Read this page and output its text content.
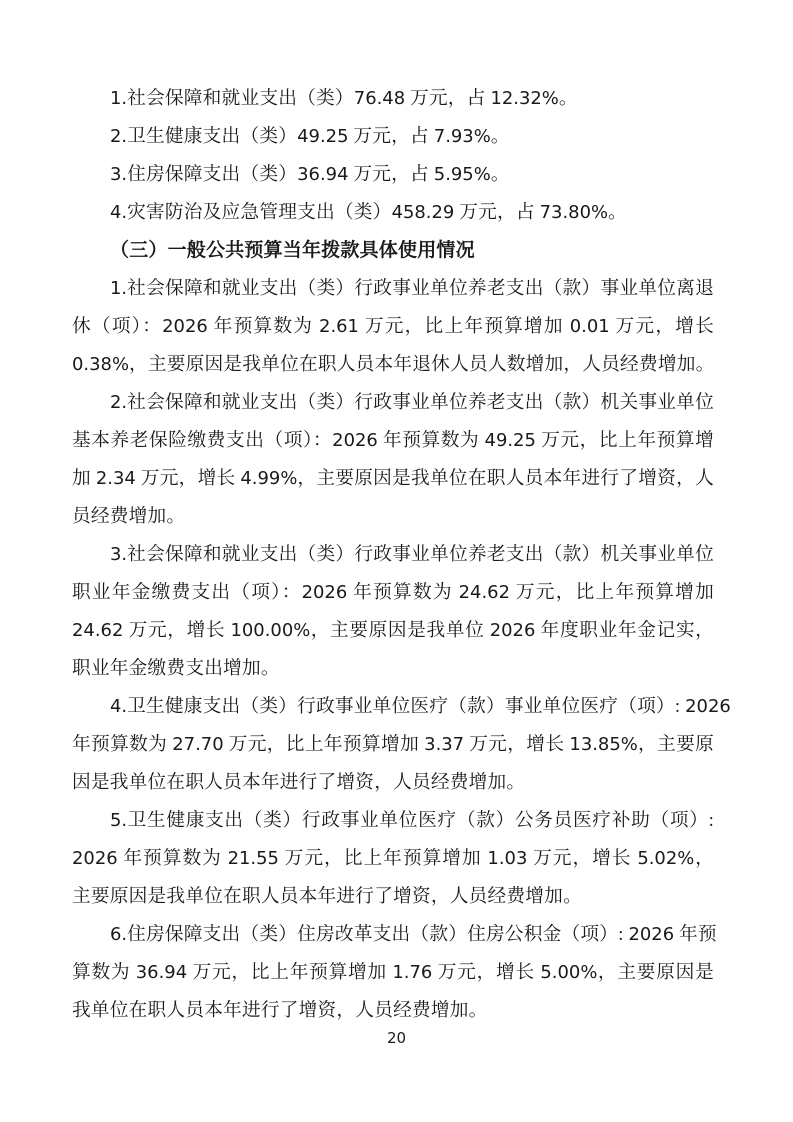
1.社会保障和就业支出（类）76.48 万元，占 12.32%。
2.卫生健康支出（类）49.25 万元，占 7.93%。
3.住房保障支出（类）36.94 万元，占 5.95%。
4.灾害防治及应急管理支出（类）458.29 万元，占 73.80%。
（三）一般公共预算当年拨款具体使用情况
1.社会保障和就业支出（类）行政事业单位养老支出（款）事业单位离退
休（项）：2026 年预算数为 2.61 万元，比上年预算增加 0.01 万元，增长
0.38%，主要原因是我单位在职人员本年退休人员人数增加，人员经费增加。
2.社会保障和就业支出（类）行政事业单位养老支出（款）机关事业单位
基本养老保险缴费支出（项）：2026 年预算数为 49.25 万元，比上年预算增
加 2.34 万元，增长 4.99%，主要原因是我单位在职人员本年进行了增资，人
员经费增加。
3.社会保障和就业支出（类）行政事业单位养老支出（款）机关事业单位
职业年金缴费支出（项）：2026 年预算数为 24.62 万元，比上年预算增加
24.62 万元，增长 100.00%，主要原因是我单位 2026 年度职业年金记实，
职业年金缴费支出增加。
4.卫生健康支出（类）行政事业单位医疗（款）事业单位医疗（项）: 2026
年预算数为 27.70 万元，比上年预算增加 3.37 万元，增长 13.85%，主要原
因是我单位在职人员本年进行了增资，人员经费增加。
5.卫生健康支出（类）行政事业单位医疗（款）公务员医疗补助（项）:
2026 年预算数为 21.55 万元，比上年预算增加 1.03 万元，增长 5.02%，
主要原因是我单位在职人员本年进行了增资，人员经费增加。
6.住房保障支出（类）住房改革支出（款）住房公积金（项）: 2026 年预
算数为 36.94 万元，比上年预算增加 1.76 万元，增长 5.00%，主要原因是
我单位在职人员本年进行了增资，人员经费增加。
20
